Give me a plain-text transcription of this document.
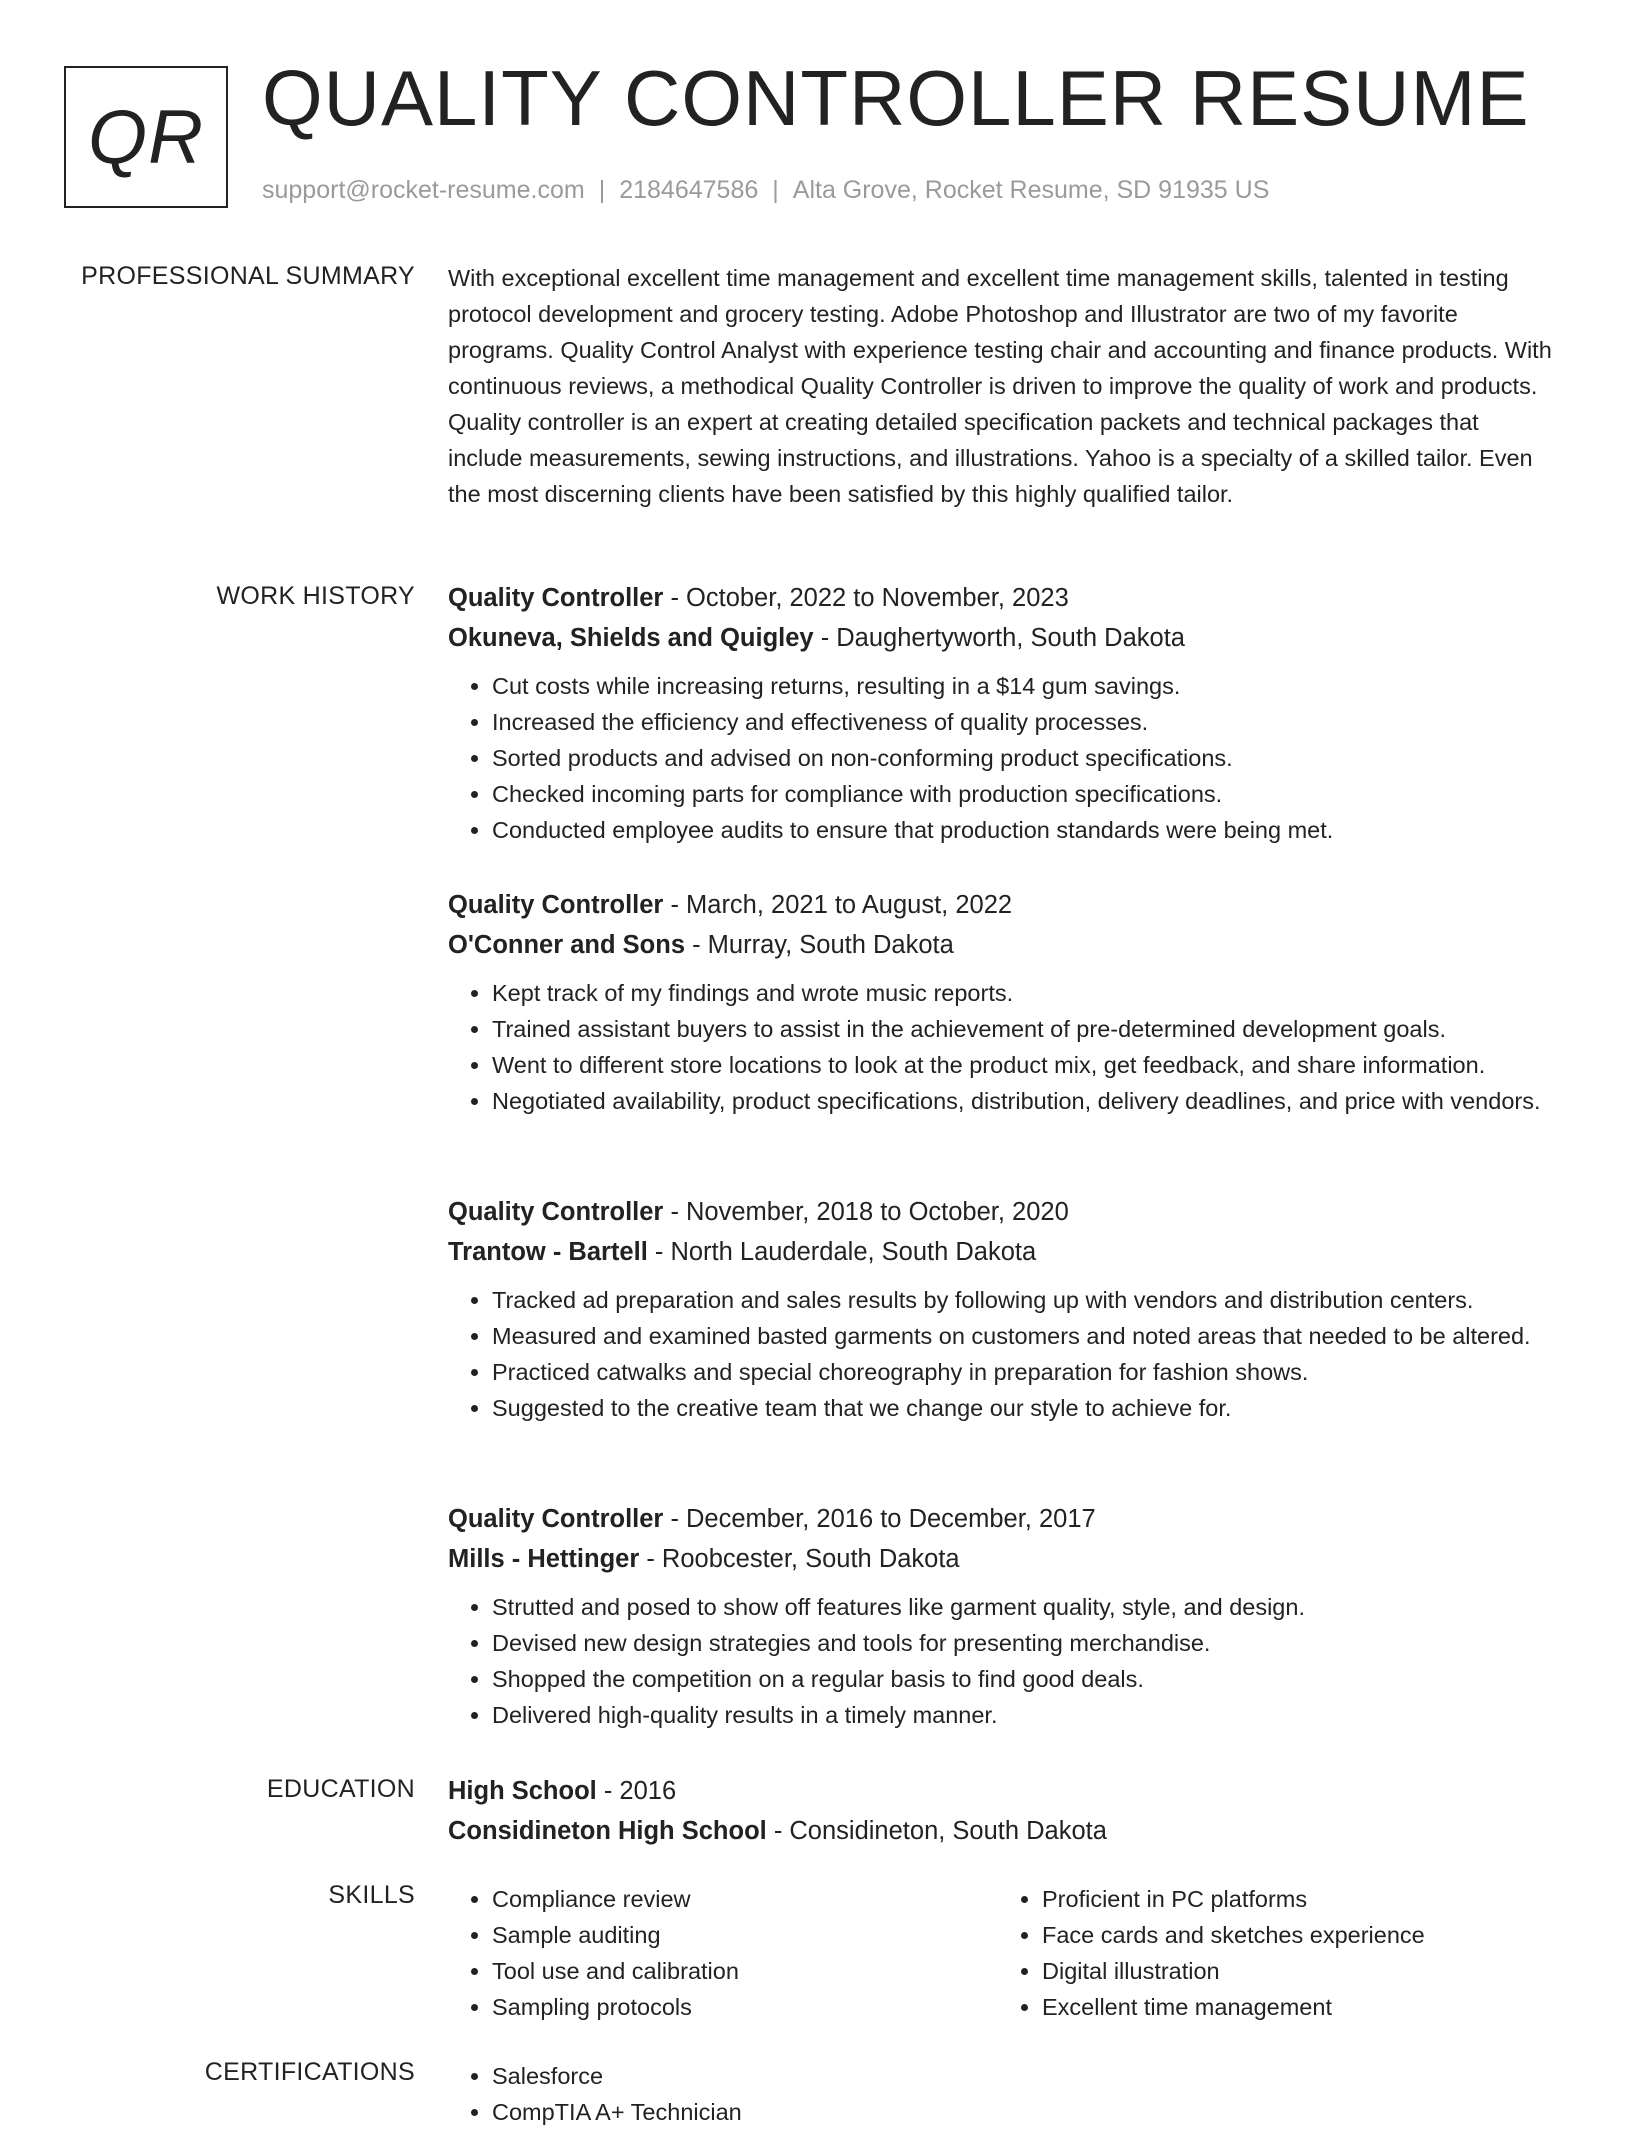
QR QUALITY CONTROLLER RESUME
support@rocket-resume.com | 2184647586 | Alta Grove, Rocket Resume, SD 91935 US
PROFESSIONAL SUMMARY With exceptional excellent time management and excellent time management skills, talented in testing protocol development and grocery testing. Adobe Photoshop and Illustrator are two of my favorite programs. Quality Control Analyst with experience testing chair and accounting and finance products. With continuous reviews, a methodical Quality Controller is driven to improve the quality of work and products. Quality controller is an expert at creating detailed specification packets and technical packages that include measurements, sewing instructions, and illustrations. Yahoo is a specialty of a skilled tailor. Even the most discerning clients have been satisfied by this highly qualified tailor.

WORK HISTORY Quality Controller - October, 2022 to November, 2023
Okuneva, Shields and Quigley - Daughertyworth, South Dakota
• Cut costs while increasing returns, resulting in a $14 gum savings.
• Increased the efficiency and effectiveness of quality processes.
• Sorted products and advised on non-conforming product specifications.
• Checked incoming parts for compliance with production specifications.
• Conducted employee audits to ensure that production standards were being met.
Quality Controller - March, 2021 to August, 2022
O'Conner and Sons - Murray, South Dakota
• Kept track of my findings and wrote music reports.
• Trained assistant buyers to assist in the achievement of pre-determined development goals.
• Went to different store locations to look at the product mix, get feedback, and share information.
• Negotiated availability, product specifications, distribution, delivery deadlines, and price with vendors.
Quality Controller - November, 2018 to October, 2020
Trantow - Bartell - North Lauderdale, South Dakota
• Tracked ad preparation and sales results by following up with vendors and distribution centers.
• Measured and examined basted garments on customers and noted areas that needed to be altered.
• Practiced catwalks and special choreography in preparation for fashion shows.
• Suggested to the creative team that we change our style to achieve for.
Quality Controller - December, 2016 to December, 2017
Mills - Hettinger - Roobcester, South Dakota
• Strutted and posed to show off features like garment quality, style, and design.
• Devised new design strategies and tools for presenting merchandise.
• Shopped the competition on a regular basis to find good deals.
• Delivered high-quality results in a timely manner.
EDUCATION High School - 2016
Considineton High School - Considineton, South Dakota
SKILLS	• Compliance review
• Sample auditing
• Tool use and calibration
• Sampling protocols
• Proficient in PC platforms
• Face cards and sketches experience
• Digital illustration
• Excellent time management
CERTIFICATIONS	• Salesforce
• CompTIA A+ Technician
